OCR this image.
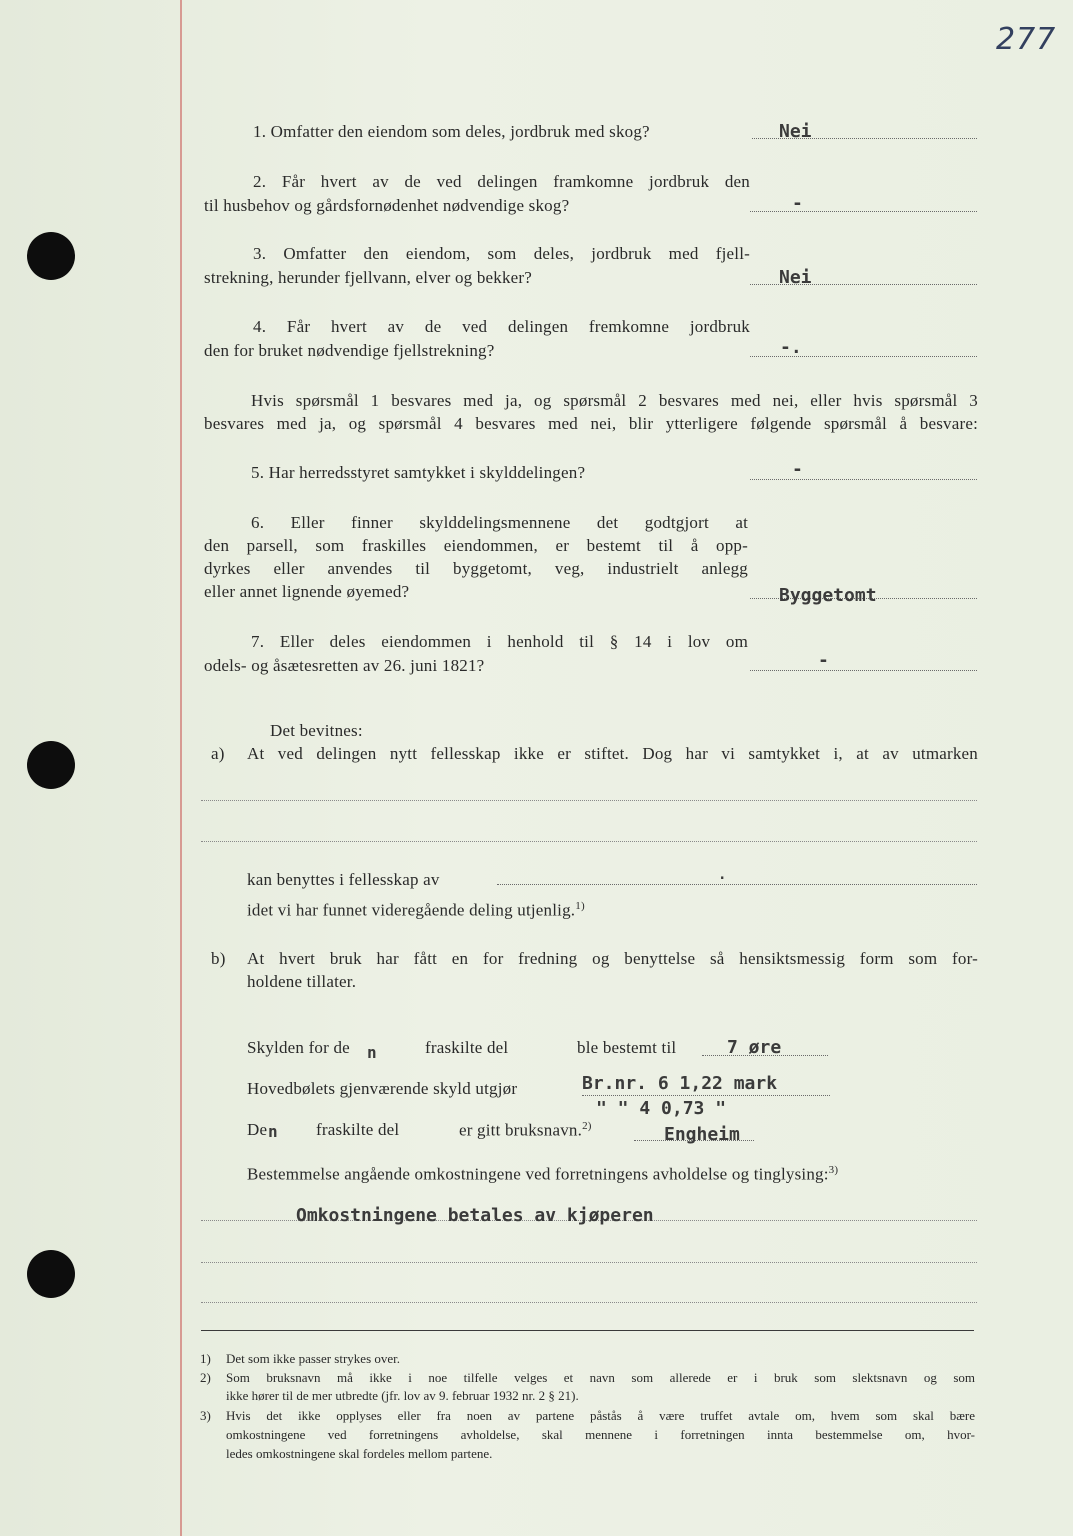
277
1. Omfatter den eiendom som deles, jordbruk med skog?	Nei
2. Får hvert av de ved delingen framkomne jordbruk den
til husbehov og gårdsfornødenhet nødvendige skog?	-
3. Omfatter den eiendom, som deles, jordbruk med fjell-
strekning, herunder fjellvann, elver og bekker?	Nei
4. Får hvert av de ved delingen fremkomne jordbruk
den for bruket nødvendige fjellstrekning?	-.
Hvis spørsmål 1 besvares med ja, og spørsmål 2 besvares med nei, eller hvis spørsmål 3
besvares med ja, og spørsmål 4 besvares med nei, blir ytterligere følgende spørsmål å besvare:
5. Har herredsstyret samtykket i skylddelingen?	-
6. Eller finner skylddelingsmennene det godtgjort at
den parsell, som fraskilles eiendommen, er bestemt til å opp-
dyrkes eller anvendes til byggetomt, veg, industrielt anlegg
eller annet lignende øyemed?	Byggetomt
7. Eller deles eiendommen i henhold til § 14 i lov om
odels- og åsætesretten av 26. juni 1821?	-
Det bevitnes:
a) At ved delingen nytt fellesskap ikke er stiftet. Dog har vi samtykket i, at av utmarken
kan benyttes i fellesskap av	.
idet vi har funnet videregående deling utjenlig.$^{1)}$
b) At hvert bruk har fått en for fredning og benyttelse så hensiktsmessig form som for-
holdene tillater.
Skylden for de n	fraskilte del	ble bestemt til	7 øre
Hovedbølets gjenværende skyld utgjør	Br.nr. 6 1,22 mark
" " 4 0,73 "
De n fraskilte del	er gitt bruksnavn.$^{2)}$	Engheim
Bestemmelse angående omkostningene ved forretningens avholdelse og tinglysing:$^{3)}$
Omkostningene betales av kjøperen
1) Det som ikke passer strykes over.
2) Som bruksnavn må ikke i noe tilfelle velges et navn som allerede er i bruk som slektsnavn og som
ikke hører til de mer utbredte (jfr. lov av 9. februar 1932 nr. 2 § 21).
3) Hvis det ikke opplyses eller fra noen av partene påstås å være truffet avtale om, hvem som skal bære
omkostningene ved forretningens avholdelse, skal mennene i forretningen innta bestemmelse om, hvor-
ledes omkostningene skal fordeles mellom partene.
